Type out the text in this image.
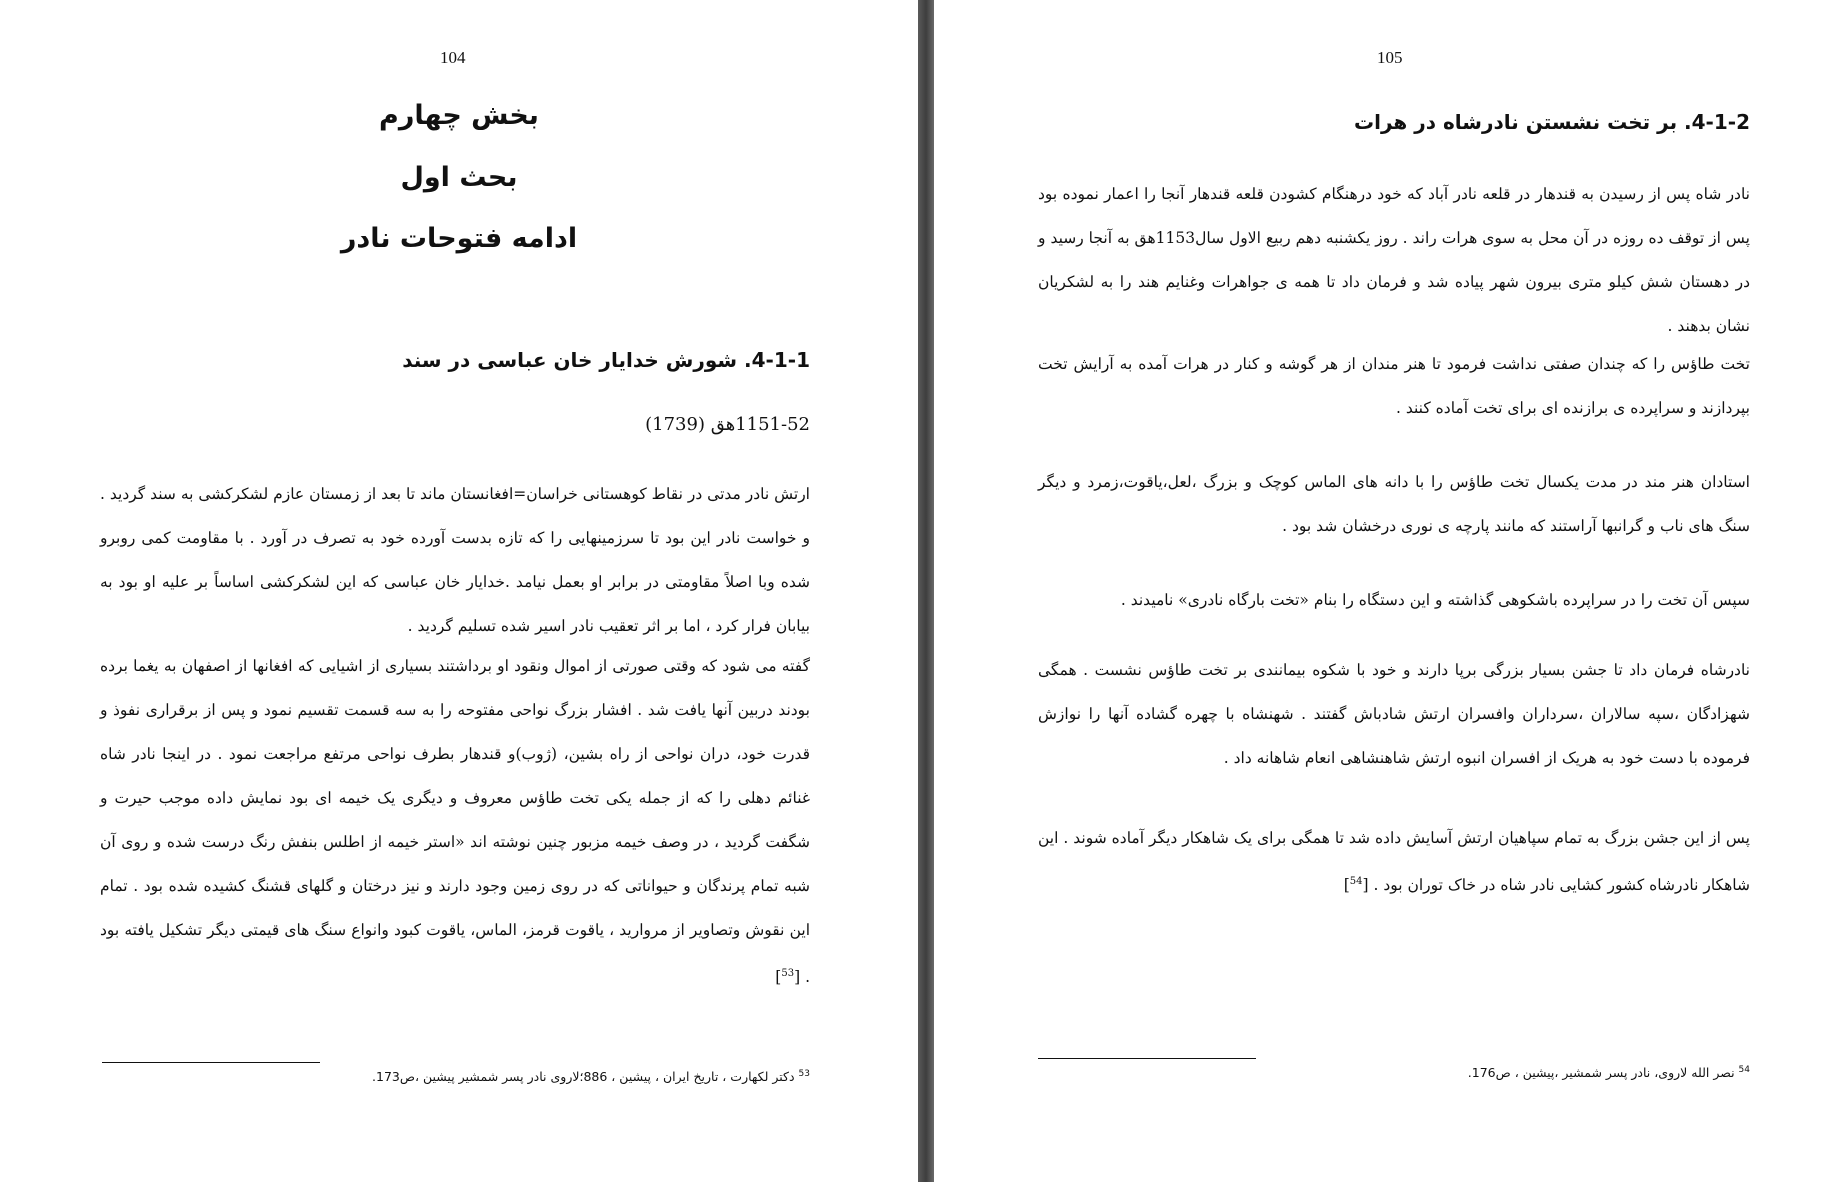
104
بخش چهارم
بحث اول
ادامه فتوحات نادر
4-1-1. شورش خدایار خان عباسی در سند
1151-52هق (1739)
ارتش نادر مدتی در نقاط کوهستانی خراسان=افغانستان ماند تا بعد از زمستان عازم لشکرکشی به سند گردید . و خواست نادر این بود تا سرزمینهایی را که تازه بدست آورده خود به تصرف در آورد . با مقاومت کمی روبرو شده وبا اصلاً مقاومتی در برابر او بعمل نیامد .خدایار خان عباسی که این لشکرکشی اساساً بر علیه او بود به بیابان فرار کرد ، اما بر اثر تعقیب نادر اسیر شده تسلیم گردید .
گفته می شود که وقتی صورتی از اموال ونقود او برداشتند بسیاری از اشیایی که افغانها از اصفهان به یغما برده بودند دربین آنها یافت شد . افشار بزرگ نواحی مفتوحه را به سه قسمت تقسیم نمود و پس از برقراری نفوذ و قدرت خود، دران نواحی از راه بشین، (ژوب)و قندهار بطرف نواحی مرتفع مراجعت نمود . در اینجا نادر شاه غنائم دهلی را که از جمله یکی تخت طاؤس معروف و دیگری یک خیمه ای بود نمایش داده موجب حیرت و شگفت گردید ، در وصف خیمه مزبور چنین نوشته اند «استر خیمه از اطلس بنفش رنگ درست شده و روی آن شبه تمام پرندگان و حیواناتی که در روی زمین وجود دارند و نیز درختان و گلهای قشنگ کشیده شده بود . تمام این نقوش وتصاویر از مروارید ، یاقوت قرمز، الماس، یاقوت کبود وانواع سنگ های قیمتی دیگر تشکیل یافته بود . [$^{53}$]
$^{53}$ دکتر لکهارت ، تاریخ ایران ، پیشین ، 886؛لاروی نادر پسر شمشیر پیشین ،ص173.
105
4-1-2. بر تخت نشستن نادرشاه در هرات
نادر شاه پس از رسیدن به قندهار در قلعه نادر آباد که خود درهنگام کشودن قلعه قندهار آنجا را اعمار نموده بود پس از توقف ده روزه در آن محل به سوی هرات راند . روز یکشنبه دهم ربیع الاول سال1153هق به آنجا رسید و در دهستان شش کیلو متری بیرون شهر پیاده شد و فرمان داد تا همه ی جواهرات وغنایم هند را به لشکریان نشان بدهند .
تخت طاؤس را که چندان صفتی نداشت فرمود تا هنر مندان از هر گوشه و کنار در هرات آمده به آرایش تخت بپردازند و سراپرده ی برازنده ای برای تخت آماده کنند .
استادان هنر مند در مدت یکسال تخت طاؤس را با دانه های الماس کوچک و بزرگ ،لعل،یاقوت،زمرد و دیگر سنگ های ناب و گرانبها آراستند که مانند پارچه ی نوری درخشان شد بود .
سپس آن تخت را در سراپرده باشکوهی گذاشته و این دستگاه را بنام «تخت بارگاه نادری» نامیدند .
نادرشاه فرمان داد تا جشن بسیار بزرگی برپا دارند و خود با شکوه بیمانندی بر تخت طاؤس نشست . همگی شهزادگان ،سپه سالاران ،سرداران وافسران ارتش شادباش گفتند . شهنشاه با چهره گشاده آنها را نوازش فرموده با دست خود به هریک از افسران انبوه ارتش شاهنشاهی انعام شاهانه داد .
پس از این جشن بزرگ به تمام سپاهیان ارتش آسایش داده شد تا همگی برای یک شاهکار دیگر آماده شوند . این شاهکار نادرشاه کشور کشایی نادر شاه در خاک توران بود . [$^{54}$]
$^{54}$ نصر الله لاروی، نادر پسر شمشیر ،پیشین ، ص176.
